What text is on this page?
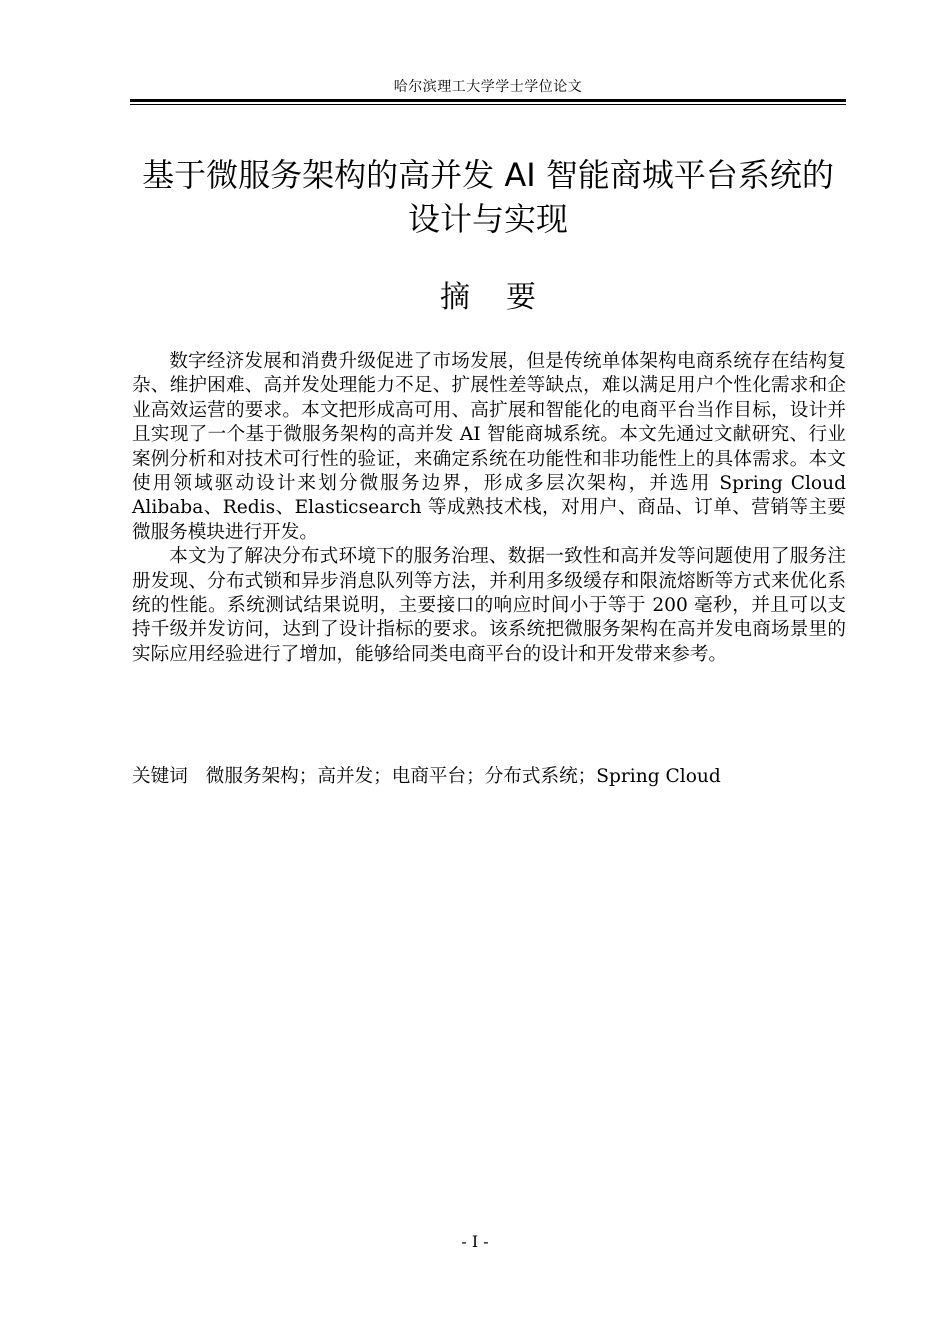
哈尔滨理工大学学士学位论文
基于微服务架构的高并发 AI 智能商城平台系统的
设计与实现
摘要

数字经济发展和消费升级促进了市场发展，但是传统单体架构电商系统存在结构复杂、维护困难、高并发处理能力不足、扩展性差等缺点，难以满足用户个性化需求和企业高效运营的要求。本文把形成高可用、高扩展和智能化的电商平台当作目标，设计并且实现了一个基于微服务架构的高并发 AI 智能商城系统。本文先通过文献研究、行业案例分析和对技术可行性的验证，来确定系统在功能性和非功能性上的具体需求。本文使用领域驱动设计来划分微服务边界，形成多层次架构，并选用 Spring Cloud Alibaba、Redis、Elasticsearch 等成熟技术栈，对用户、商品、订单、营销等主要微服务模块进行开发。

本文为了解决分布式环境下的服务治理、数据一致性和高并发等问题使用了服务注册发现、分布式锁和异步消息队列等方法，并利用多级缓存和限流熔断等方式来优化系统的性能。系统测试结果说明，主要接口的响应时间小于等于 200 毫秒，并且可以支持千级并发访问，达到了设计指标的要求。该系统把微服务架构在高并发电商场景里的实际应用经验进行了增加，能够给同类电商平台的设计和开发带来参考。

关键词 微服务架构；高并发；电商平台；分布式系统；Spring Cloud
- I -
